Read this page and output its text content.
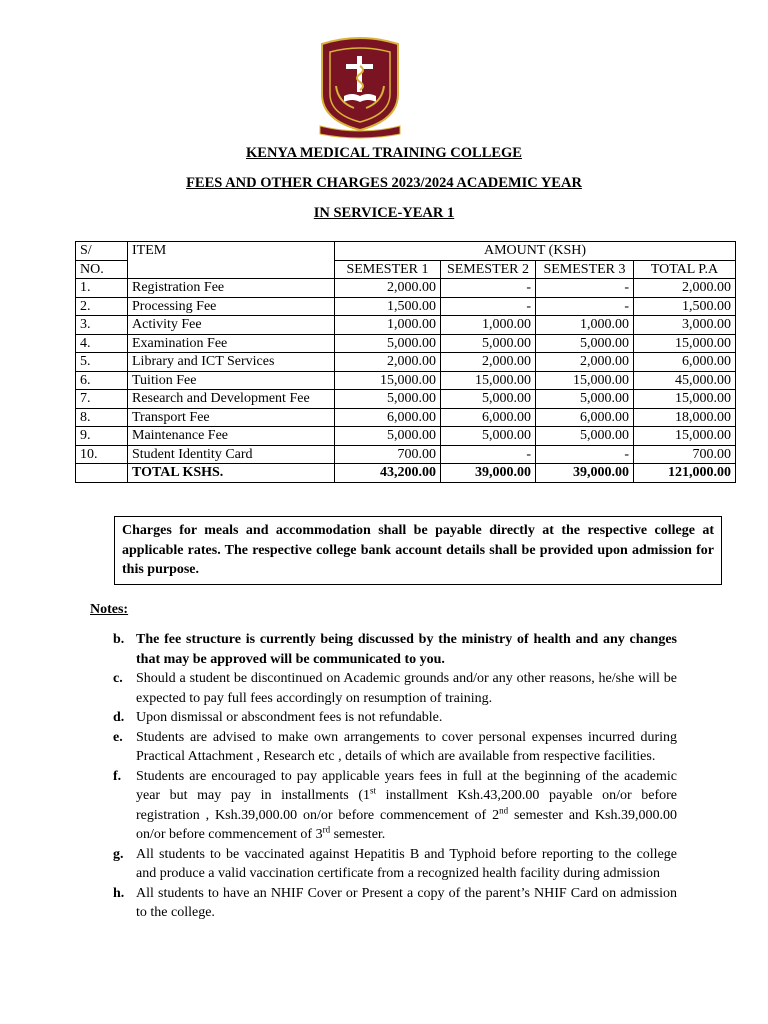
KENYA MEDICAL TRAINING COLLEGE
FEES AND OTHER CHARGES 2023/2024 ACADEMIC YEAR
IN SERVICE-YEAR 1
S/	ITEM	AMOUNT (KSH)			
NO.		SEMESTER 1	SEMESTER 2	SEMESTER 3	TOTAL P.A
1.	Registration Fee	2,000.00	-	-	2,000.00
2.	Processing Fee	1,500.00	-	-	1,500.00
3.	Activity Fee	1,000.00	1,000.00	1,000.00	3,000.00
4.	Examination Fee	5,000.00	5,000.00	5,000.00	15,000.00
5.	Library and ICT Services	2,000.00	2,000.00	2,000.00	6,000.00
6.	Tuition Fee	15,000.00	15,000.00	15,000.00	45,000.00
7.	Research and Development Fee	5,000.00	5,000.00	5,000.00	15,000.00
8.	Transport Fee	6,000.00	6,000.00	6,000.00	18,000.00
9.	Maintenance Fee	5,000.00	5,000.00	5,000.00	15,000.00
10.	Student Identity Card	700.00	-	-	700.00
	TOTAL KSHS.	43,200.00	39,000.00	39,000.00	121,000.00
Charges for meals and accommodation shall be payable directly at the respective college at applicable rates. The respective college bank account details shall be provided upon admission for this purpose.
Notes:
b. The fee structure is currently being discussed by the ministry of health and any changes that may be approved will be communicated to you.
c. Should a student be discontinued on Academic grounds and/or any other reasons, he/she will be expected to pay full fees accordingly on resumption of training.
d. Upon dismissal or abscondment fees is not refundable.
e. Students are advised to make own arrangements to cover personal expenses incurred during Practical Attachment , Research etc , details of which are available from respective facilities.
f.	Students are encouraged to pay applicable years fees in full at the beginning of the academic year but may pay in installments (1st installment Ksh.43,200.00 payable on/or before registration , Ksh.39,000.00 on/or before commencement of 2nd semester and Ksh.39,000.00 on/or before commencement of 3rd semester.
g. All students to be vaccinated against Hepatitis B and Typhoid before reporting to the college and produce a valid vaccination certificate from a recognized health facility during admission
h. All students to have an NHIF Cover or Present a copy of the parent’s NHIF Card on admission to the college.
